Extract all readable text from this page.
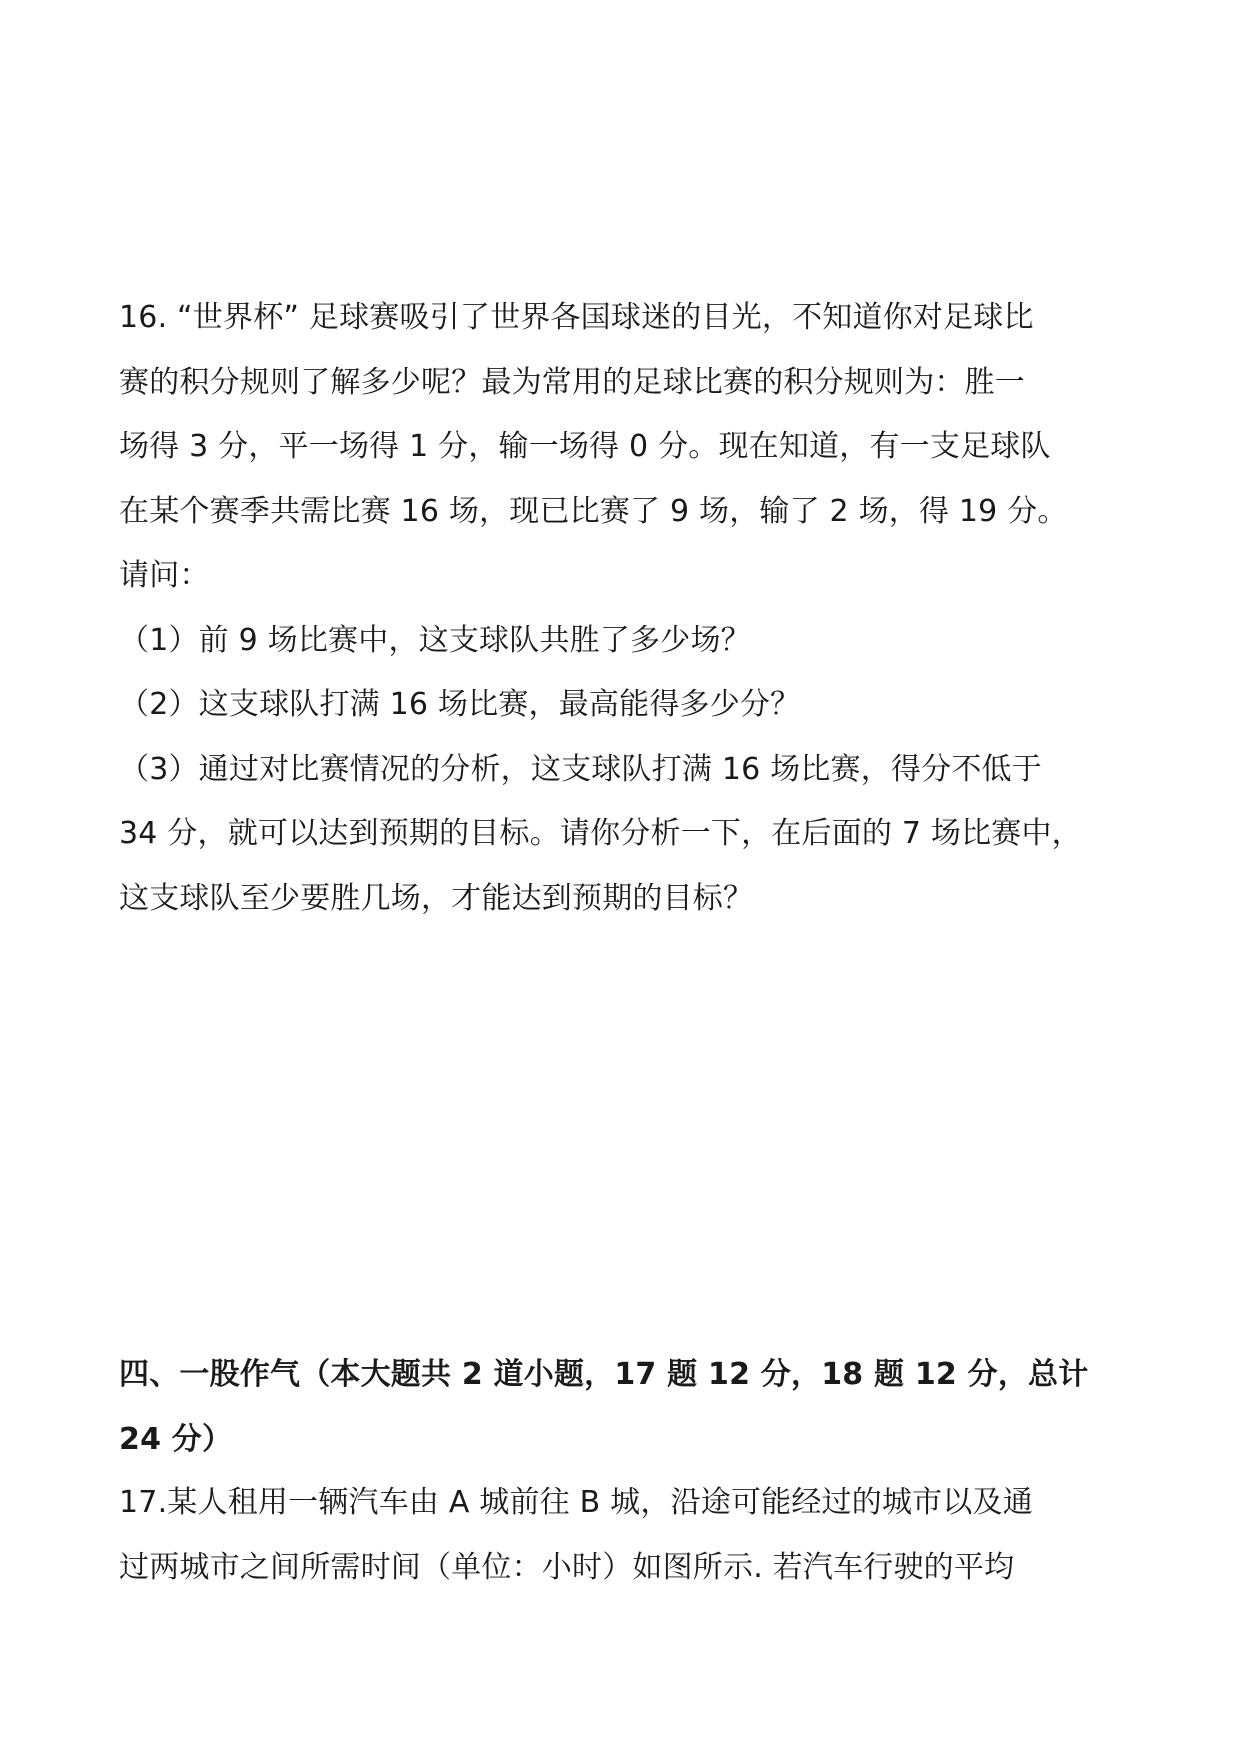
16. “世界杯” 足球赛吸引了世界各国球迷的目光，不知道你对足球比
赛的积分规则了解多少呢？最为常用的足球比赛的积分规则为：胜一
场得 3 分，平一场得 1 分，输一场得 0 分。现在知道，有一支足球队
在某个赛季共需比赛 16 场，现已比赛了 9 场，输了 2 场，得 19 分。
请问：
（1）前 9 场比赛中，这支球队共胜了多少场？
（2）这支球队打满 16 场比赛，最高能得多少分？
（3）通过对比赛情况的分析，这支球队打满 16 场比赛，得分不低于
34 分，就可以达到预期的目标。请你分析一下，在后面的 7 场比赛中，
这支球队至少要胜几场，才能达到预期的目标？
四、一股作气（本大题共 2 道小题，17 题 12 分，18 题 12 分，总计
24 分）
17.某人租用一辆汽车由 A 城前往 B 城，沿途可能经过的城市以及通
过两城市之间所需时间（单位：小时）如图所示. 若汽车行驶的平均
